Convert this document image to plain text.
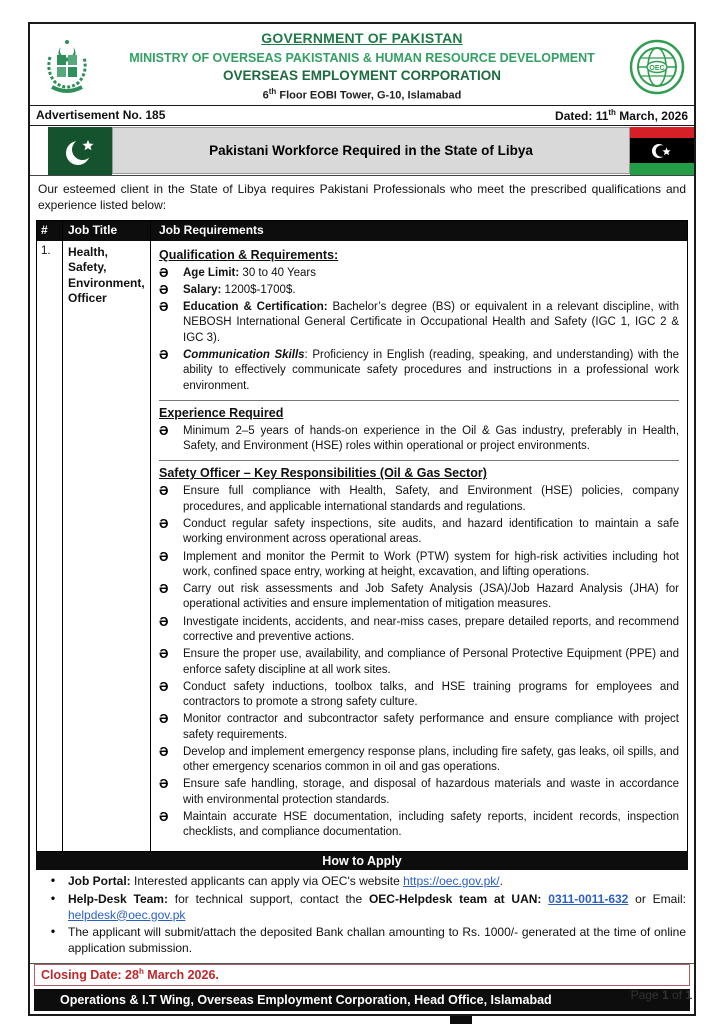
GOVERNMENT OF PAKISTAN
MINISTRY OF OVERSEAS PAKISTANIS & HUMAN RESOURCE DEVELOPMENT
OVERSEAS EMPLOYMENT CORPORATION
6th Floor EOBI Tower, G-10, Islamabad
OEC
Advertisement No. 185	Dated: 11th March, 2026
Pakistani Workforce Required in the State of Libya
Our esteemed client in the State of Libya requires Pakistani Professionals who meet the prescribed qualifications and experience listed below:
#	Job Title	Job Requirements
1.	Health, Safety, Environment, Officer
Qualification & Requirements:
Ə	Age Limit: 30 to 40 Years
Ə	Salary: 1200$-1700$.
Ə	Education & Certification: Bachelor’s degree (BS) or equivalent in a relevant discipline, with NEBOSH International General Certificate in Occupational Health and Safety (IGC 1, IGC 2 & IGC 3).
Ə	Communication Skills: Proficiency in English (reading, speaking, and understanding) with the ability to effectively communicate safety procedures and instructions in a professional work environment.
Experience Required
Ə	Minimum 2–5 years of hands-on experience in the Oil & Gas industry, preferably in Health, Safety, and Environment (HSE) roles within operational or project environments.
Safety Officer – Key Responsibilities (Oil & Gas Sector)
Ə	Ensure full compliance with Health, Safety, and Environment (HSE) policies, company procedures, and applicable international standards and regulations.
Ə	Conduct regular safety inspections, site audits, and hazard identification to maintain a safe working environment across operational areas.
Ə	Implement and monitor the Permit to Work (PTW) system for high-risk activities including hot work, confined space entry, working at height, excavation, and lifting operations.
Ə	Carry out risk assessments and Job Safety Analysis (JSA)/Job Hazard Analysis (JHA) for operational activities and ensure implementation of mitigation measures.
Ə	Investigate incidents, accidents, and near-miss cases, prepare detailed reports, and recommend corrective and preventive actions.
Ə	Ensure the proper use, availability, and compliance of Personal Protective Equipment (PPE) and enforce safety discipline at all work sites.
Ə	Conduct safety inductions, toolbox talks, and HSE training programs for employees and contractors to promote a strong safety culture.
Ə	Monitor contractor and subcontractor safety performance and ensure compliance with project safety requirements.
Ə	Develop and implement emergency response plans, including fire safety, gas leaks, oil spills, and other emergency scenarios common in oil and gas operations.
Ə	Ensure safe handling, storage, and disposal of hazardous materials and waste in accordance with environmental protection standards.
Ə	Maintain accurate HSE documentation, including safety reports, incident records, inspection checklists, and compliance documentation.
How to Apply
•	Job Portal: Interested applicants can apply via OEC's website https://oec.gov.pk/.
•	Help-Desk Team: for technical support, contact the OEC-Helpdesk team at UAN: 0311-0011-632 or Email: helpdesk@oec.gov.pk
•	The applicant will submit/attach the deposited Bank challan amounting to Rs. 1000/- generated at the time of online application submission.
Closing Date: 28$^h$ March 2026.
Operations & I.T Wing, Overseas Employment Corporation, Head Office, Islamabad	Page 1 of 1
